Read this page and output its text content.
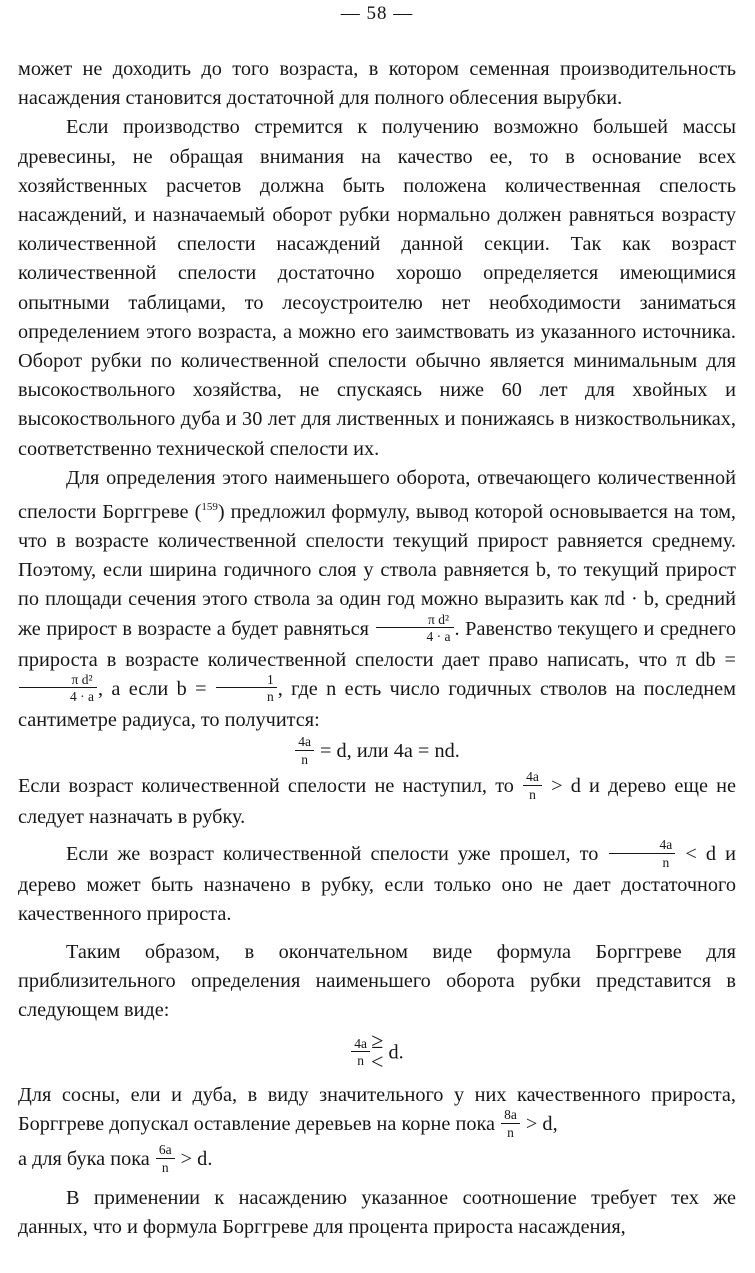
— 58 —

может не доходить до того возраста, в котором семенная производительность насаждения становится достаточной для полного облесения вырубки.

Если производство стремится к получению возможно большей массы древесины, не обращая внимания на качество ее, то в основание всех хозяйственных расчетов должна быть положена количественная спелость насаждений, и назначаемый оборот рубки нормально должен равняться возрасту количественной спелости насаждений данной секции. Так как возраст количественной спелости достаточно хорошо определяется имеющимися опытными таблицами, то лесоустроителю нет необходимости заниматься определением этого возраста, а можно его заимствовать из указанного источника. Оборот рубки по количественной спелости обычно является минимальным для высокоствольного хозяйства, не спускаясь ниже 60 лет для хвойных и высокоствольного дуба и 30 лет для лиственных и понижаясь в низкоствольниках, соответственно технической спелости их.

Для определения этого наименьшего оборота, отвечающего количественной спелости Борггреве ($^{159}$) предложил формулу, вывод которой основывается на том, что в возрасте количественной спелости текущий прирост равняется среднему. Поэтому, если ширина годичного слоя у ствола равняется b, то текущий прирост по площади сечения этого ствола за один год можно выразить как πd · b, средний же прирост в возрасте a будет равняться $\frac{\text{π d²}}{4 \cdot a}$ . Равенство текущего и среднего прироста в возрасте количественной спелости дает право написать, что π db =
$\frac{\text{π d²}}{4 \cdot a}$ , а если $b = \frac{1}{n}$ , где n есть число годичных стволов на последнем сантиметре радиуса, то получится:

$\frac{4a}{n} = d$, или 4a = nd.

Если возраст количественной спелости не наступил, то $\frac{4a}{n} > d$ и дерево еще не следует назначать в рубку.

Если же возраст количественной спелости уже прошел, то $\frac{4a}{n} < d$ и дерево может быть назначено в рубку, если только оно не дает достаточного качественного прироста.

Таким образом, в окончательном виде формула Борггреве для приблизительного определения наименьшего оборота рубки представится в следующем виде:

$\frac{4a}{n}$ ≥
< d.

Для сосны, ели и дуба, в виду значительного у них качественного прироста, Борггреве допускал оставление деревьев на корне пока $\frac{8a}{n} > d$,

а для бука пока $\frac{6a}{n} > d$.

В применении к насаждению указанное соотношение требует тех же данных, что и формула Борггреве для процента прироста насаждения,
